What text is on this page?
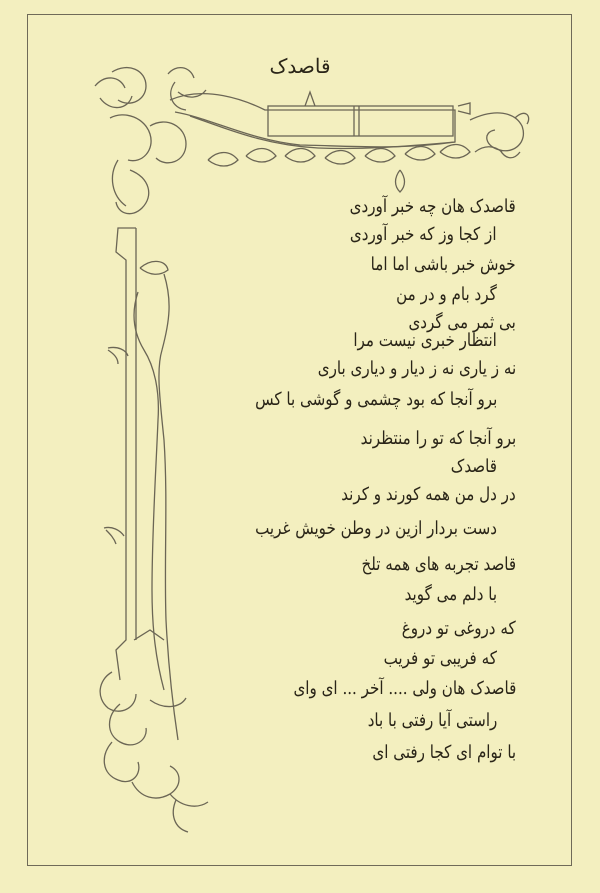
قاصدک
قاصدک هان چه خبر آوردی
از کجا وز که خبر آوردی
خوش خبر باشی اما اما
گرد بام و در من
بی ثمر می گردی
انتظار خبری نیست مرا
نه ز یاری نه ز دیار و دیاری باری
برو آنجا که بود چشمی و گوشی با کس
برو آنجا که تو را منتظرند
قاصدک
در دل من همه کورند و کرند
دست بردار ازین در وطن خویش غریب
قاصد تجربه های همه تلخ
با دلم می گوید
که دروغی تو دروغ
که فریبی تو فریب
قاصدک هان ولی .... آخر ... ای وای
راستی آیا رفتی با باد
با توام ای کجا رفتی ای
